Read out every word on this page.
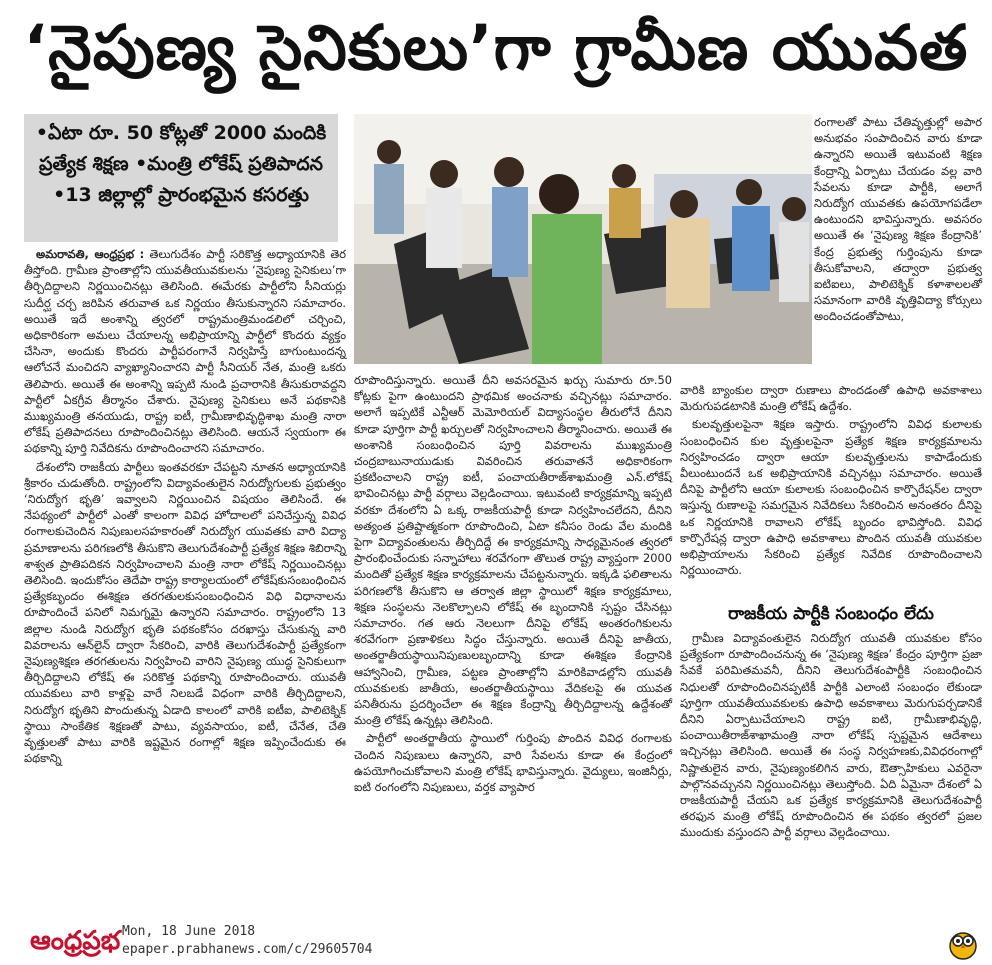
‘నైపుణ్య సైనికులు’గా గ్రామీణ యువత
•ఏటా రూ. 50 కోట్లతో 2000 మందికి ప్రత్యేక శిక్షణ •మంత్రి లోకేష్ ప్రతిపాదన •13 జిల్లాల్లో ప్రారంభమైన కసరత్తు

అమరావతి, ఆంధ్రప్రభ : తెలుగుదేశం పార్టీ సరికొత్త అధ్యాయానికి తెర తీస్తోంది. గ్రామీణ ప్రాంతాల్లోని యువతీయువకులను ‘నైపుణ్య సైనికులు’గా తీర్చిదిద్దాలని నిర్ణయించినట్లు తెలిసింది. ఈమేరకు పార్టీలోని సీనియర్లు సుదీర్ఘ చర్చ జరిపిన తరువాత ఒక నిర్ణయం తీసుకున్నారని సమాచారం. అయితే ఇదే అంశాన్ని త్వరలో రాష్ట్రమంత్రిమండలిలో చర్చించి, అధికారికంగా అమలు చేయాలన్న అభిప్రాయాన్ని పార్టీలో కొందరు వ్యక్తం చేసినా, అందుకు కొందరు పార్టీపరంగానే నిర్వహిస్తే బాగుంటుందన్న ఆలోచనే మంచిదని వ్యాఖ్యానించారని పార్టీ సీనియర్ నేత, మంత్రి ఒకరు తెలిపారు. అయితే ఈ అంశాన్ని ఇప్పటి నుండి ప్రచారానికి తీసుకురావద్దని పార్టీలో ఏకగ్రీవ తీర్మానం చేశారు. నైపుణ్య సైనికులు అనే పథకానికి ముఖ్యమంత్రి తనయుడు, రాష్ట్ర ఐటీ, గ్రామీణాభివృద్ధిశాఖ మంత్రి నారా లోకేష్ ప్రతిపాదనలు రూపొందించినట్లు తెలిసింది. ఆయనే స్వయంగా ఈ పథకాన్ని పూర్తి నివేదికను రూపొందించారని సమాచారం.

దేశంలోని రాజకీయ పార్టీలు ఇంతవరకూ చేపట్టని నూతన అధ్యాయానికి శ్రీకారం చుడుతోంది. రాష్ట్రంలోని విద్యావంతులైన నిరుద్యోగులకు ప్రభుత్వం ‘నిరుద్యోగ భృతి’ ఇవ్వాలని నిర్ణయించిన విషయం తెలిసిందే. ఈ నేపథ్యంలో పార్టీలో ఎంతో కాలంగా వివిధ హోదాలలో పనిచేస్తున్న వివిధ రంగాలకుచెందిన నిపుణులసహకారంతో నిరుద్యోగ యువతకు వారి విద్యా ప్రమాణాలను పరిగణలోకి తీసుకొని తెలుగుదేశంపార్టీ ప్రత్యేక శిక్షణ శిబిరాన్ని శాశ్వత ప్రాతిపదికన నిర్వహించాలని మంత్రి నారా లోకేష్ నిర్ణయించినట్లు తెలిసింది. ఇందుకోసం తెదేపా రాష్ట్ర కార్యాలయంలో లోకేష్‌కుసంబంధించిన ప్రత్యేకబృందం ఈశిక్షణ తరగతులకుసంబంధించిన విధి విధానాలను రూపొందించే పనిలో నిమగ్నమై ఉన్నారని సమాచారం. రాష్ట్రంలోని 13 జిల్లాల నుండి నిరుద్యోగ భృతి పథకంకోసం దరఖాస్తు చేసుకున్న వారి వివరాలను ఆన్‌లైన్ ద్వారా సేకరించి, వారికి తెలుగుదేశంపార్టీ ప్రత్యేకంగా నైపుణ్యశిక్షణ తరగతులను నిర్వహించి వారిని నైపుణ్య యుద్ధ సైనికులుగా తీర్చిదిద్దాలని లోకేష్ ఈ సరికొత్త పథకాన్ని రూపొందించారు. యువతీ యువకులు వారి కాళ్లపై వారే నిలబడే విధంగా వారికి తీర్చిదిద్దాలని, నిరుద్యోగ భృతిని పొందుతున్న ఏడాది కాలంలో వారికి ఐటీఐ, పాలిటెక్నిక్ స్థాయి సాంకేతిక శిక్షణతో పాటు, వ్యవసాయం, ఐటీ, చేనేత, చేతి వృత్తులతో పాటు వారికి ఇష్టమైన రంగాల్లో శిక్షణ ఇప్పించేందుకు ఈ పథకాన్ని

రూపొందిస్తున్నారు. అయితే దీని అవసరమైన ఖర్చు సుమారు రూ.50 కోట్లకు పైగా ఉంటుందని ప్రాథమిక అంచనాకు వచ్చినట్లు సమాచారం. అలాగే ఇప్పటికే ఎన్టీఆర్ మెమోరియల్ విద్యాసంస్థల తీరులోనే దీనిని కూడా పూర్తిగా పార్టీ ఖర్చులతో నిర్వహించాలని తీర్మానించారు. అయితే ఈ అంశానికి సంబంధించిన పూర్తి వివరాలను ముఖ్యమంత్రి చంద్రబాబునాయుడుకు వివరించిన తరువాతనే అధికారికంగా ప్రకటించాలని రాష్ట్ర ఐటీ, పంచాయతీరాజ్‌శాఖమంత్రి ఎన్.లోకేష్ భావించినట్లు పార్టీ వర్గాలు వెల్లడించాయి. ఇటువంటి కార్యక్రమాన్ని ఇప్పటి వరకూ దేశంలోని ఏ ఒక్క రాజకీయపార్టీ కూడా నిర్వహించలేదని, దీనిని అత్యంత ప్రతిష్టాత్మకంగా రూపొందించి, ఏటా కనీసం రెండు వేల మందికి పైగా విద్యావంతులను తీర్చిదిద్దే ఈ కార్యక్రమాన్ని సాధ్యమైనంత త్వరలో ప్రారంభించేందుకు సన్నాహాలు శరవేగంగా తొలుత రాష్ట్ర వ్యాప్తంగా 2000 మందితో ప్రత్యేక శిక్షణ కార్యక్రమాలను చేపట్టనున్నారు. ఇక్కడి ఫలితాలను పరిగణలోకి తీసుకొని ఆ తర్వాత జిల్లా స్థాయిలో శిక్షణ కార్యక్రమాలు, శిక్షణ సంస్థలను నెలకొల్పాలని లోకేష్ ఈ బృందానికి స్పష్టం చేసినట్లు సమాచారం. గత ఆరు నెలలుగా దీనిపై లోకేష్ అంతరంగికులను శరవేగంగా ప్రణాళికలు సిద్ధం చేస్తున్నారు. అయితే దీనిపై జాతీయ, అంతర్జాతీయస్థాయినిపుణులబృందాన్ని కూడా ఈశిక్షణ కేంద్రానికి ఆహ్వానించి, గ్రామీణ, పట్టణ ప్రాంతాల్లోని మారికివాడల్లోని యువతీ యువకులకు జాతీయ, అంతర్జాతీయస్థాయి వేదికలపై ఈ యువత పనితీరును ప్రదర్శించేలా ఈ శిక్షణ కేంద్రాన్ని తీర్చిదిద్దాలన్న ఉద్దేశంతో మంత్రి లోకేష్ ఉన్నట్లు తెలిసింది.

పార్టీలో అంతర్జాతీయ స్థాయిలో గుర్తింపు పొందిన వివిధ రంగాలకు చెందిన నిపుణులు ఉన్నారని, వారి సేవలను కూడా ఈ కేంద్రంలో ఉపయోగించుకోవాలని మంత్రి లోకేష్ భావిస్తున్నారు. వైద్యులు, ఇంజినీర్లు, ఐటి రంగంలోని నిపుణులు, వర్తక వ్యాపార

రంగాలతో పాటు చేతివృత్తుల్లో అపార అనుభవం సంపాదించిన వారు కూడా ఉన్నారని అయితే ఇటువంటి శిక్షణ కేంద్రాన్ని ఏర్పాటు చేయడం వల్ల వారి సేవలను కూడా పార్టీకి, అలాగే నిరుద్యోగ యువతకు ఉపయోగపడేలా ఉంటుందని భావిస్తున్నారు. అవసరం అయితే ఈ ‘నైపుణ్య శిక్షణ కేంద్రానికి’ కేంద్ర ప్రభుత్వ గుర్తింపును కూడా తీసుకోవాలని, తద్వారా ప్రభుత్వ ఐటిఐలు, పాలిటెక్నిక్ కళాశాలలతో సమానంగా వారికి వృత్తివిద్యా కోర్సులు అందించడంతోపాటు,

వారికి బ్యాంకుల ద్వారా రుణాలు పొందడంతో ఉపాధి అవకాశాలు మెరుగుపడటానికి మంత్రి లోకేష్ ఉద్దేశం.

కులవృత్తులపైనా శిక్షణ ఇస్తారు. రాష్ట్రంలోని వివిధ కులాలకు సంబంధించిన కుల వృత్తులపైనా ప్రత్యేక శిక్షణ కార్యక్రమాలను నిర్వహించడం ద్వారా ఆయా కులవృత్తులను కాపాడేందుకు వీలుంటుందనే ఒక అభిప్రాయానికి వచ్చినట్లు సమాచారం. అయితే దీనిపై పార్టీలోని ఆయా కులాలకు సంబంధించిన కార్పొరేషన్‌ల ద్వారా ఇస్తున్న రుణాలపై సమగ్రమైన నివేదికలు సేకరించిన అనంతరం దీనిపై ఒక నిర్ణయానికి రావాలని లోకేష్ బృందం భావిస్తోంది. వివిధ కార్పొరేషన్ల ద్వారా ఉపాధి అవకాశాలు పొందిన యువతీ యువకుల అభిప్రాయాలను సేకరించి ప్రత్యేక నివేదిక రూపొందించాలని నిర్ణయించారు.

రాజకీయ పార్టీకి సంబంధం లేదు

గ్రామీణ విద్యావంతులైన నిరుద్యోగ యువతీ యువకుల కోసం ప్రత్యేకంగా రూపొందించనున్న ఈ ‘నైపుణ్య శిక్షణ’ కేంద్రం పూర్తిగా ప్రజా సేవకే పరిమితమవనీ, దీనిని తెలుగుదేశంపార్టీకి సంబంధించిన నిధులతో రూపొందించినప్పటికీ పార్టీకి ఎలాంటి సంబంధం లేకుండా పూర్తిగా యువతీయువకులకు ఉపాధి అవకాశాలు మెరుగుపర్చడానికే దీనిని ఏర్పాటుచేయాలని రాష్ట్ర ఐటి, గ్రామీణాభివృద్ధి, పంచాయితీరాజ్‌శాఖామంత్రి నారా లోకేష్ స్పష్టమైన ఆదేశాలు ఇచ్చినట్లు తెలిసింది. అయితే ఈ సంస్థ నిర్వహణకు,వివిధరంగాల్లో నిష్ణాతులైన వారు, నైపుణ్యంకలిగిన వారు, ఔత్సాహికులు ఎవరైనా పాల్గొనవచ్చునని నిర్ణయించినట్లు తెలుస్తోంది. ఏది ఏమైనా దేశంలో ఏ రాజకీయపార్టీ చేయని ఒక ప్రత్యేక కార్యక్రమానికి తెలుగుదేశంపార్టీ తరఫున మంత్రి లోకేష్ రూపొందించిన ఈ పథకం త్వరలో ప్రజల ముందుకు వస్తుందని పార్టీ వర్గాలు వెల్లడించాయి.

ఆంధ్రప్రభ Mon, 18 June 2018
epaper.prabhanews.com/c/29605704
